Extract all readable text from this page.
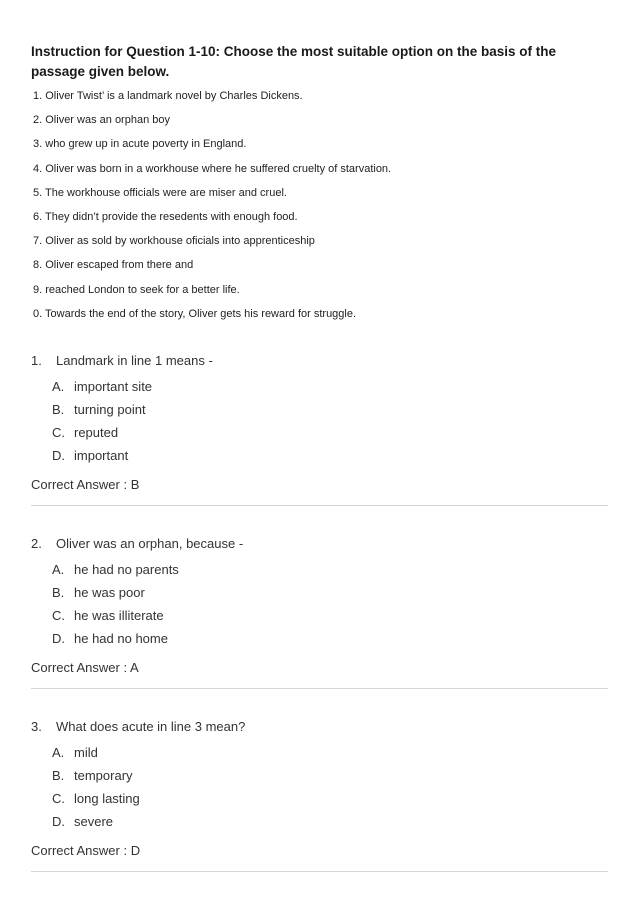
Instruction for Question 1-10: Choose the most suitable option on the basis of the passage given below.
1. Oliver Twist’ is a landmark novel by Charles Dickens.
2. Oliver was an orphan boy
3. who grew up in acute poverty in England.
4. Oliver was born in a workhouse where he suffered cruelty of starvation.
5. The workhouse officials were are miser and cruel.
6. They didn’t provide the resedents with enough food.
7. Oliver as sold by workhouse oficials into apprenticeship
8. Oliver escaped from there and
9. reached London to seek for a better life.
0. Towards the end of the story, Oliver gets his reward for struggle.
1. Landmark in line 1 means -
A. important site
B. turning point
C. reputed
D. important
Correct Answer : B
2. Oliver was an orphan, because -
A. he had no parents
B. he was poor
C. he was illiterate
D. he had no home
Correct Answer : A
3. What does acute in line 3 mean?
A. mild
B. temporary
C. long lasting
D. severe
Correct Answer : D
